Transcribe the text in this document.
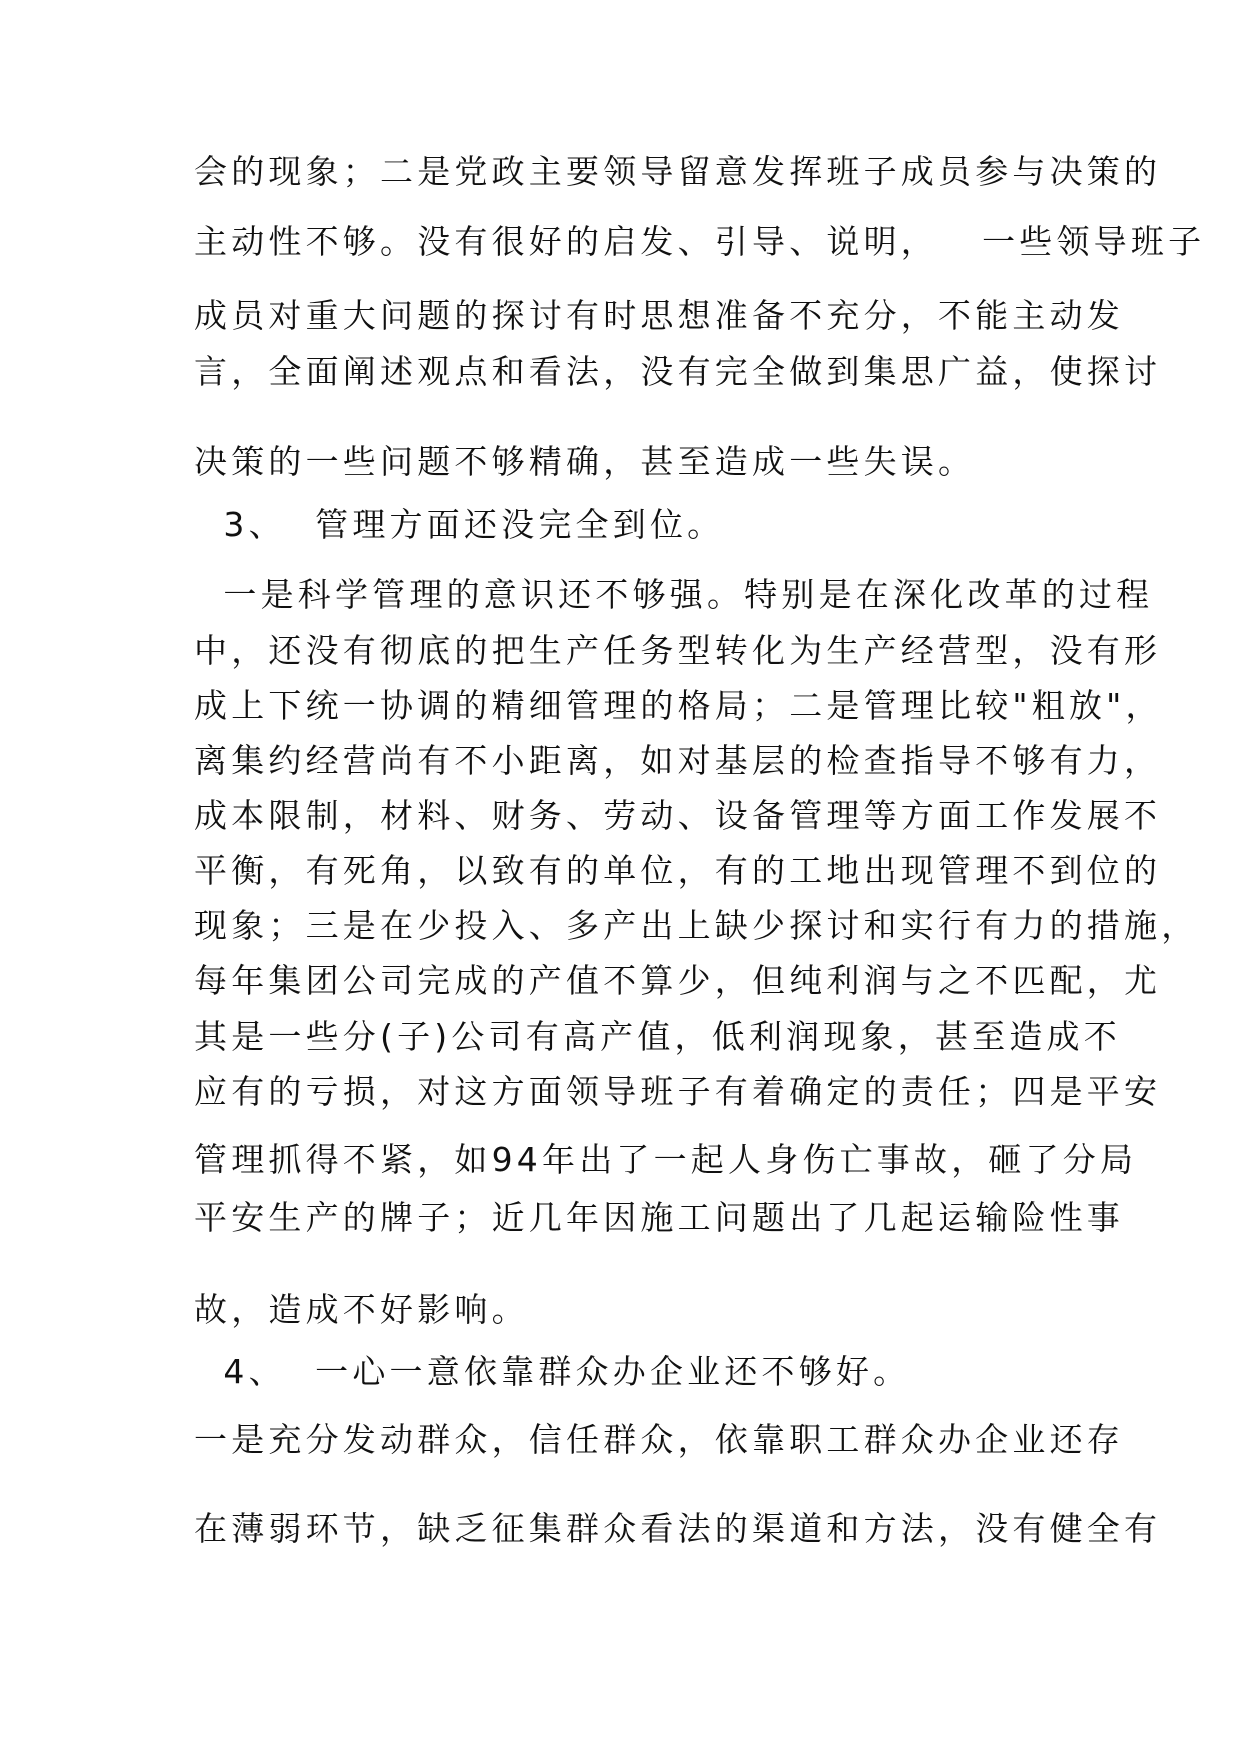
会的现象；二是党政主要领导留意发挥班子成员参与决策的
主动性不够。没有很好的启发、引导、说明，   一些领导班子
成员对重大问题的探讨有时思想准备不充分，不能主动发
言，全面阐述观点和看法，没有完全做到集思广益，使探讨
决策的一些问题不够精确，甚至造成一些失误。
3、  管理方面还没完全到位。
一是科学管理的意识还不够强。特别是在深化改革的过程
中，还没有彻底的把生产任务型转化为生产经营型，没有形
成上下统一协调的精细管理的格局；二是管理比较"粗放"，
离集约经营尚有不小距离，如对基层的检查指导不够有力，
成本限制，材料、财务、劳动、设备管理等方面工作发展不
平衡，有死角，以致有的单位，有的工地出现管理不到位的
现象；三是在少投入、多产出上缺少探讨和实行有力的措施，
每年集团公司完成的产值不算少，但纯利润与之不匹配，尤
其是一些分(子)公司有高产值，低利润现象，甚至造成不
应有的亏损，对这方面领导班子有着确定的责任；四是平安
管理抓得不紧，如94年出了一起人身伤亡事故，砸了分局
平安生产的牌子；近几年因施工问题出了几起运输险性事
故，造成不好影响。
4、  一心一意依靠群众办企业还不够好。
一是充分发动群众，信任群众，依靠职工群众办企业还存
在薄弱环节，缺乏征集群众看法的渠道和方法，没有健全有
